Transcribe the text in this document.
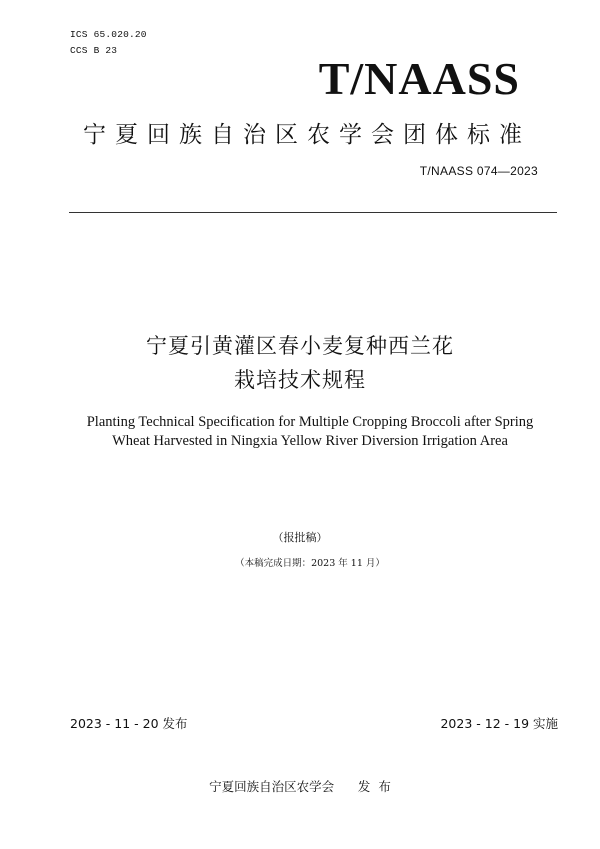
ICS 65.020.20
CCS B 23
T/NAASS
宁夏回族自治区农学会团体标准
T/NAASS 074—2023
宁夏引黄灌区春小麦复种西兰花
栽培技术规程
Planting Technical Specification for Multiple Cropping Broccoli after Spring
Wheat Harvested in Ningxia Yellow River Diversion Irrigation Area
（报批稿）
（本稿完成日期：2023 年 11 月）
2023 - 11 - 20 发布	2023 - 12 - 19 实施
宁夏回族自治区农学会      发  布
